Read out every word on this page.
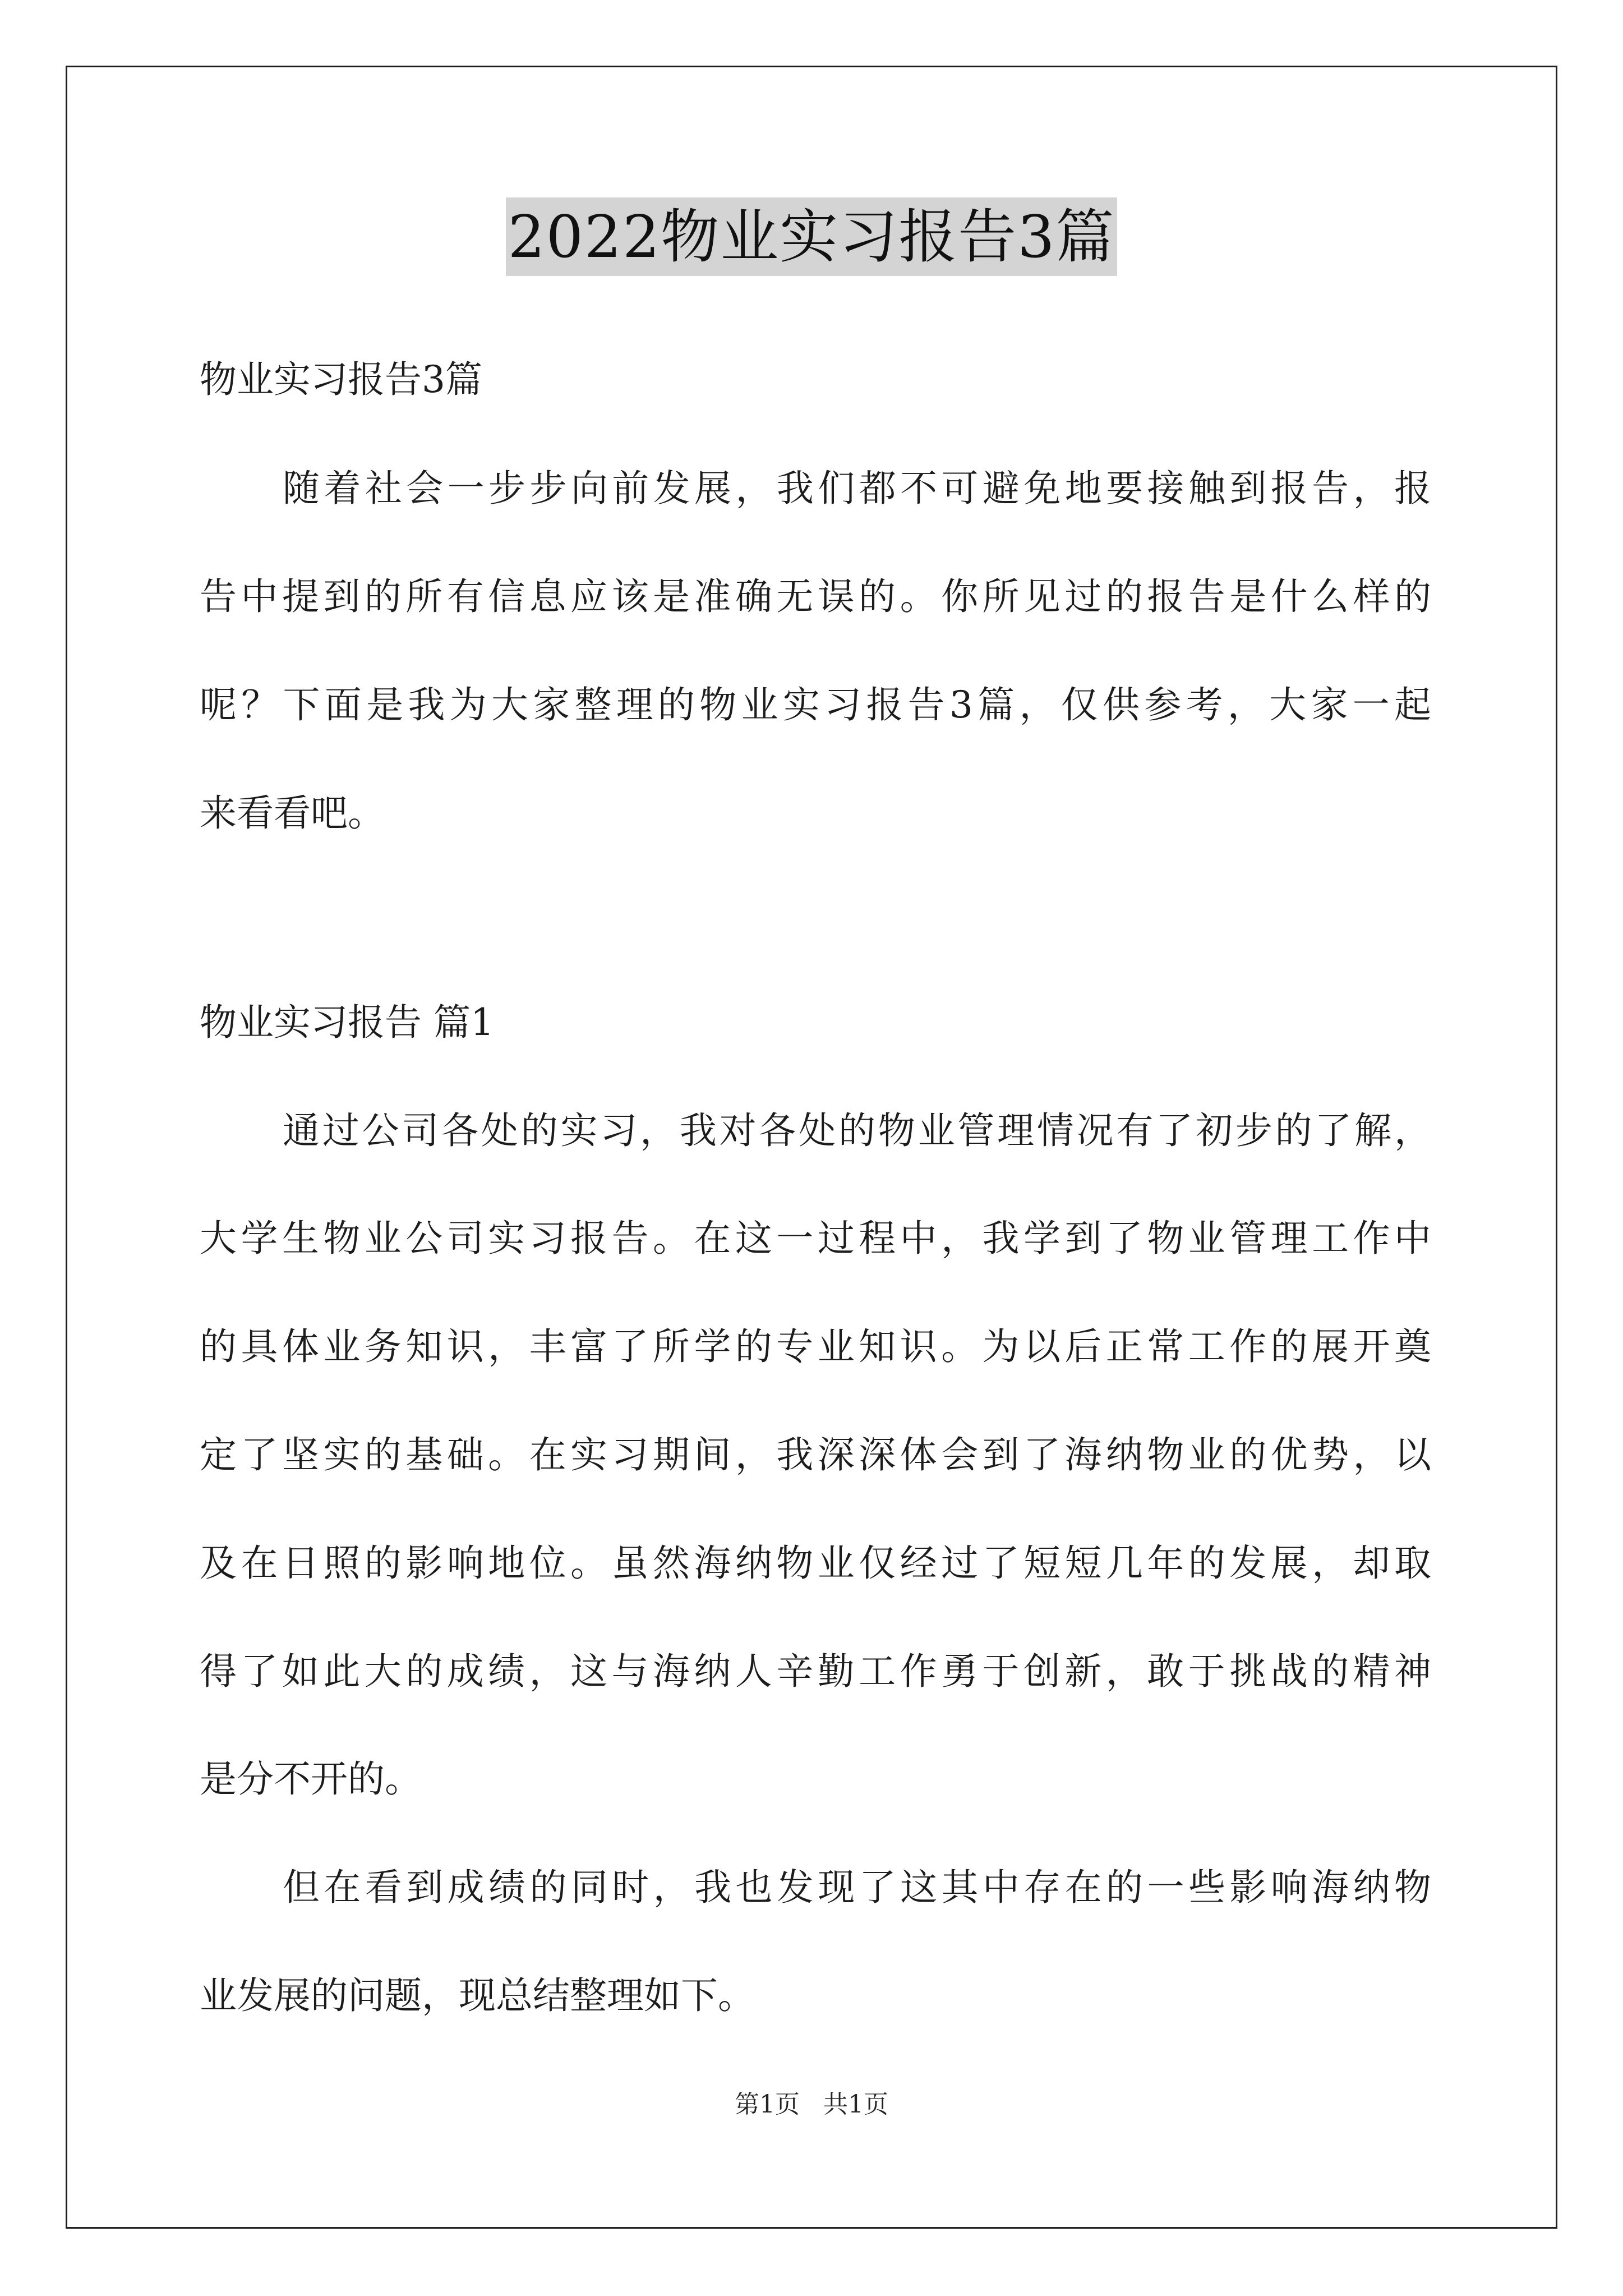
2022物业实习报告3篇
物业实习报告3篇
随着社会一步步向前发展，我们都不可避免地要接触到报告，报
告中提到的所有信息应该是准确无误的。你所见过的报告是什么样的
呢？下面是我为大家整理的物业实习报告3篇，仅供参考，大家一起
来看看吧。
物业实习报告 篇1
通过公司各处的实习，我对各处的物业管理情况有了初步的了解，
大学生物业公司实习报告。在这一过程中，我学到了物业管理工作中
的具体业务知识，丰富了所学的专业知识。为以后正常工作的展开奠
定了坚实的基础。在实习期间，我深深体会到了海纳物业的优势，以
及在日照的影响地位。虽然海纳物业仅经过了短短几年的发展，却取
得了如此大的成绩，这与海纳人辛勤工作勇于创新，敢于挑战的精神
是分不开的。
但在看到成绩的同时，我也发现了这其中存在的一些影响海纳物
业发展的问题，现总结整理如下。
第1页   共1页
